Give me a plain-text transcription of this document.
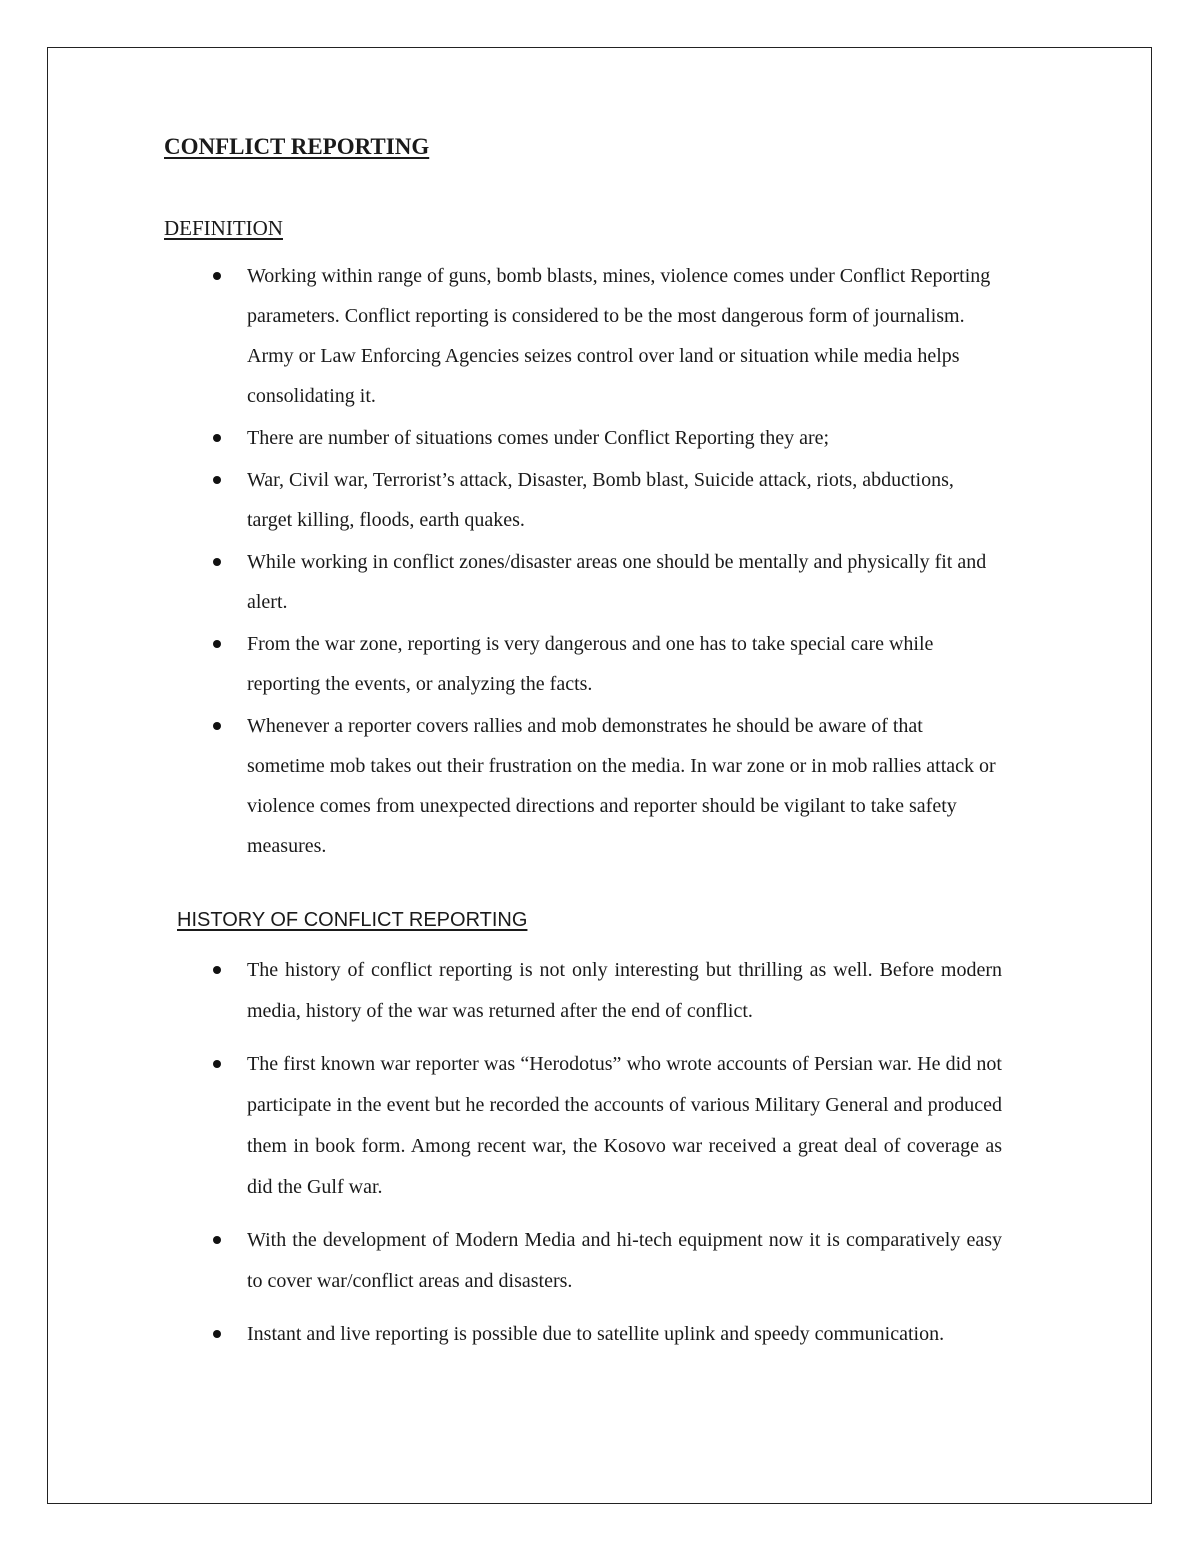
CONFLICT REPORTING
DEFINITION
Working within range of guns, bomb blasts, mines, violence comes under Conflict Reporting parameters. Conflict reporting is considered to be the most dangerous form of journalism. Army or Law Enforcing Agencies seizes control over land or situation while media helps consolidating it.
There are number of situations comes under Conflict Reporting they are;
War, Civil war, Terrorist’s attack, Disaster, Bomb blast, Suicide attack, riots, abductions, target killing, floods, earth quakes.
While working in conflict zones/disaster areas one should be mentally and physically fit and alert.
From the war zone, reporting is very dangerous and one has to take special care while reporting the events, or analyzing the facts.
Whenever a reporter covers rallies and mob demonstrates he should be aware of that sometime mob takes out their frustration on the media. In war zone or in mob rallies attack or violence comes from unexpected directions and reporter should be vigilant to take safety measures.
HISTORY OF CONFLICT REPORTING
The history of conflict reporting is not only interesting but thrilling as well. Before modern media, history of the war was returned after the end of conflict.
The first known war reporter was “Herodotus” who wrote accounts of Persian war. He did not participate in the event but he recorded the accounts of various Military General and produced them in book form. Among recent war, the Kosovo war received a great deal of coverage as did the Gulf war.
With the development of Modern Media and hi-tech equipment now it is comparatively easy to cover war/conflict areas and disasters.
Instant and live reporting is possible due to satellite uplink and speedy communication.
